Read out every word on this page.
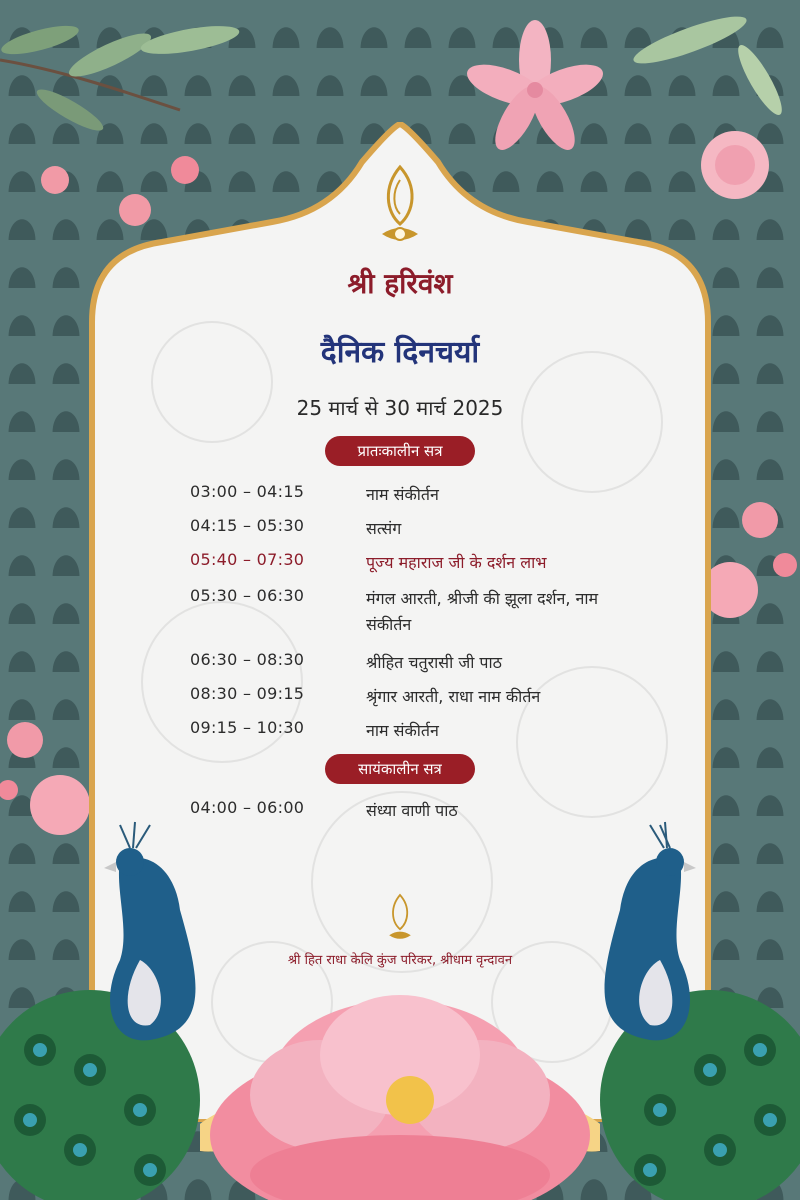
श्री हरिवंश
दैनिक दिनचर्या
25 मार्च से 30 मार्च 2025
प्रातःकालीन सत्र
03:00 – 04:15	नाम संकीर्तन
04:15 – 05:30	सत्संग
05:40 – 07:30	पूज्य महाराज जी के दर्शन लाभ
05:30 – 06:30	मंगल आरती, श्रीजी की झूला दर्शन, नाम संकीर्तन
06:30 – 08:30	श्रीहित चतुरासी जी पाठ
08:30 – 09:15	श्रृंगार आरती, राधा नाम कीर्तन
09:15 – 10:30	नाम संकीर्तन
सायंकालीन सत्र
04:00 – 06:00	संध्या वाणी पाठ
श्री हित राधा केलि कुंज परिकर, श्रीधाम वृन्दावन
